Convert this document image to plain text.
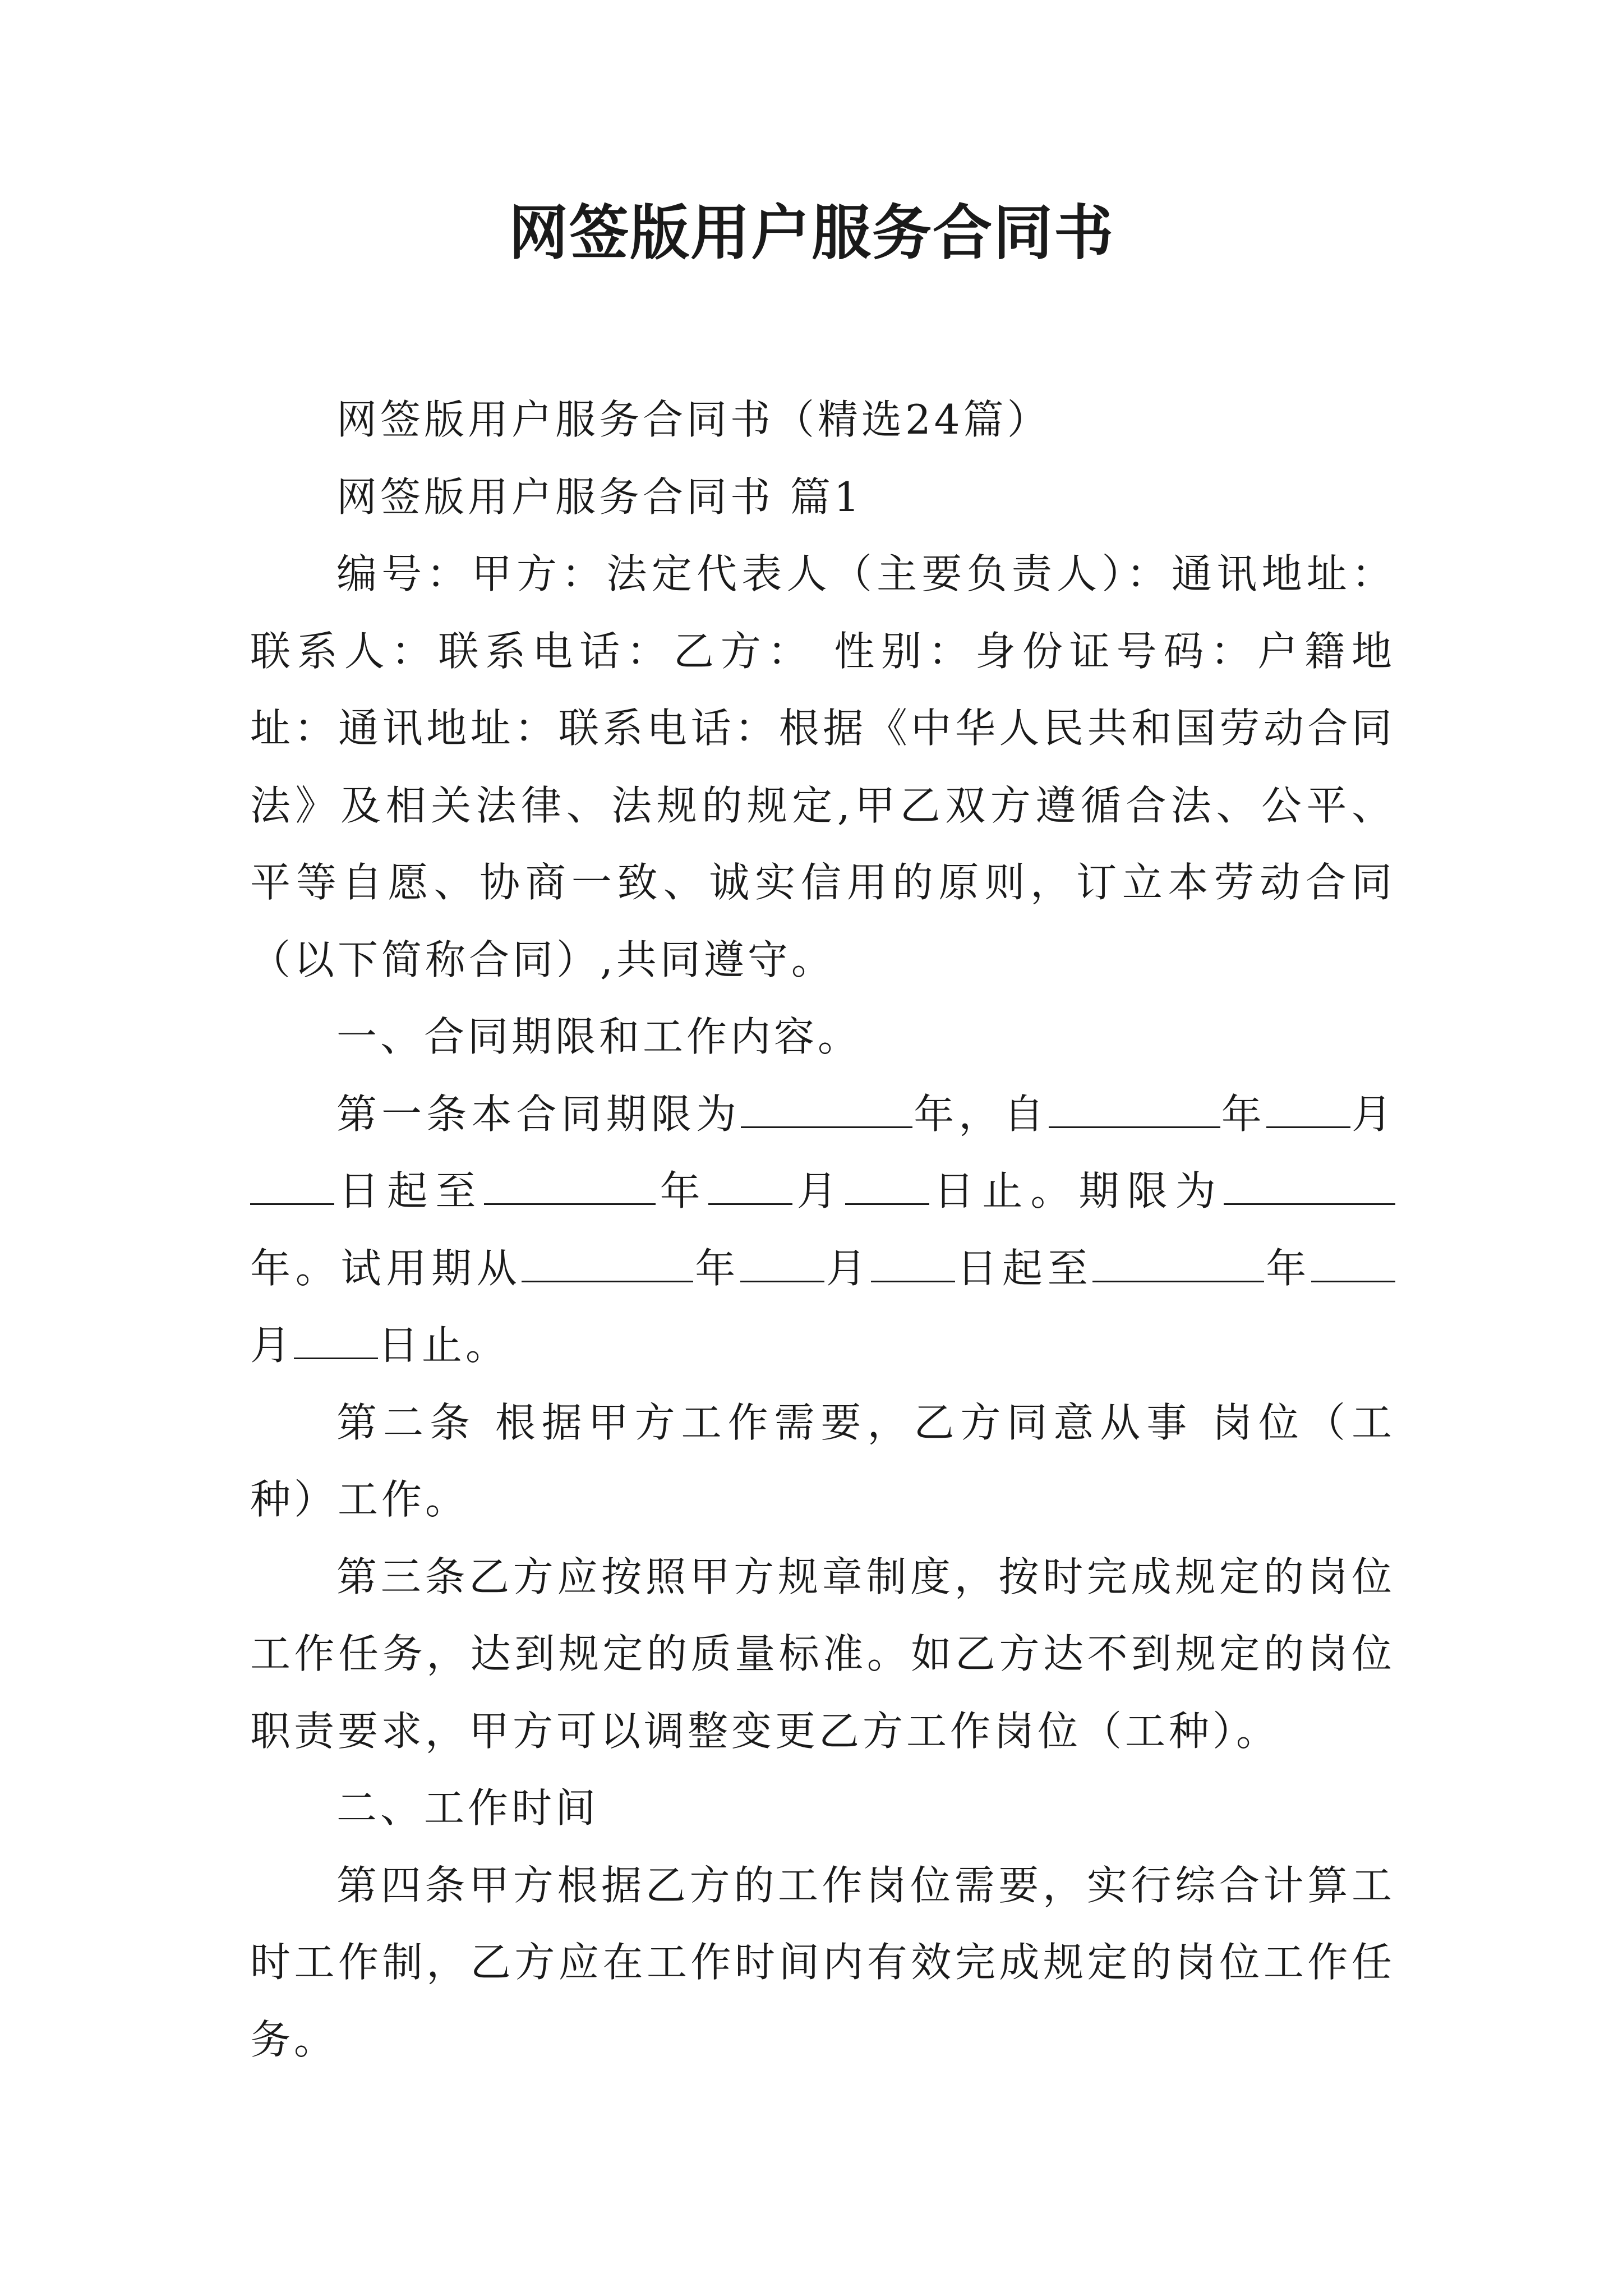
网签版用户服务合同书

网签版用户服务合同书（精选24篇）

网签版用户服务合同书 篇1

编号：甲方：法定代表人（主要负责人）：通讯地址：联系人：联系电话：乙方： 性别：身份证号码：户籍地址：通讯地址：联系电话：根据《中华人民共和国劳动合同法》及相关法律、法规的规定,甲乙双方遵循合法、公平、平等自愿、协商一致、诚实信用的原则，订立本劳动合同（以下简称合同）,共同遵守。

一、合同期限和工作内容。

第一条本合同期限为	年，自	年 月日起至	年 月 日止。期限为年。试用期从	年 月 日起至	年月 日止。

第二条 根据甲方工作需要，乙方同意从事 岗位（工种）工作。

第三条乙方应按照甲方规章制度，按时完成规定的岗位工作任务，达到规定的质量标准。如乙方达不到规定的岗位职责要求，甲方可以调整变更乙方工作岗位（工种）。

二、工作时间

第四条甲方根据乙方的工作岗位需要，实行综合计算工时工作制，乙方应在工作时间内有效完成规定的岗位工作任务。
